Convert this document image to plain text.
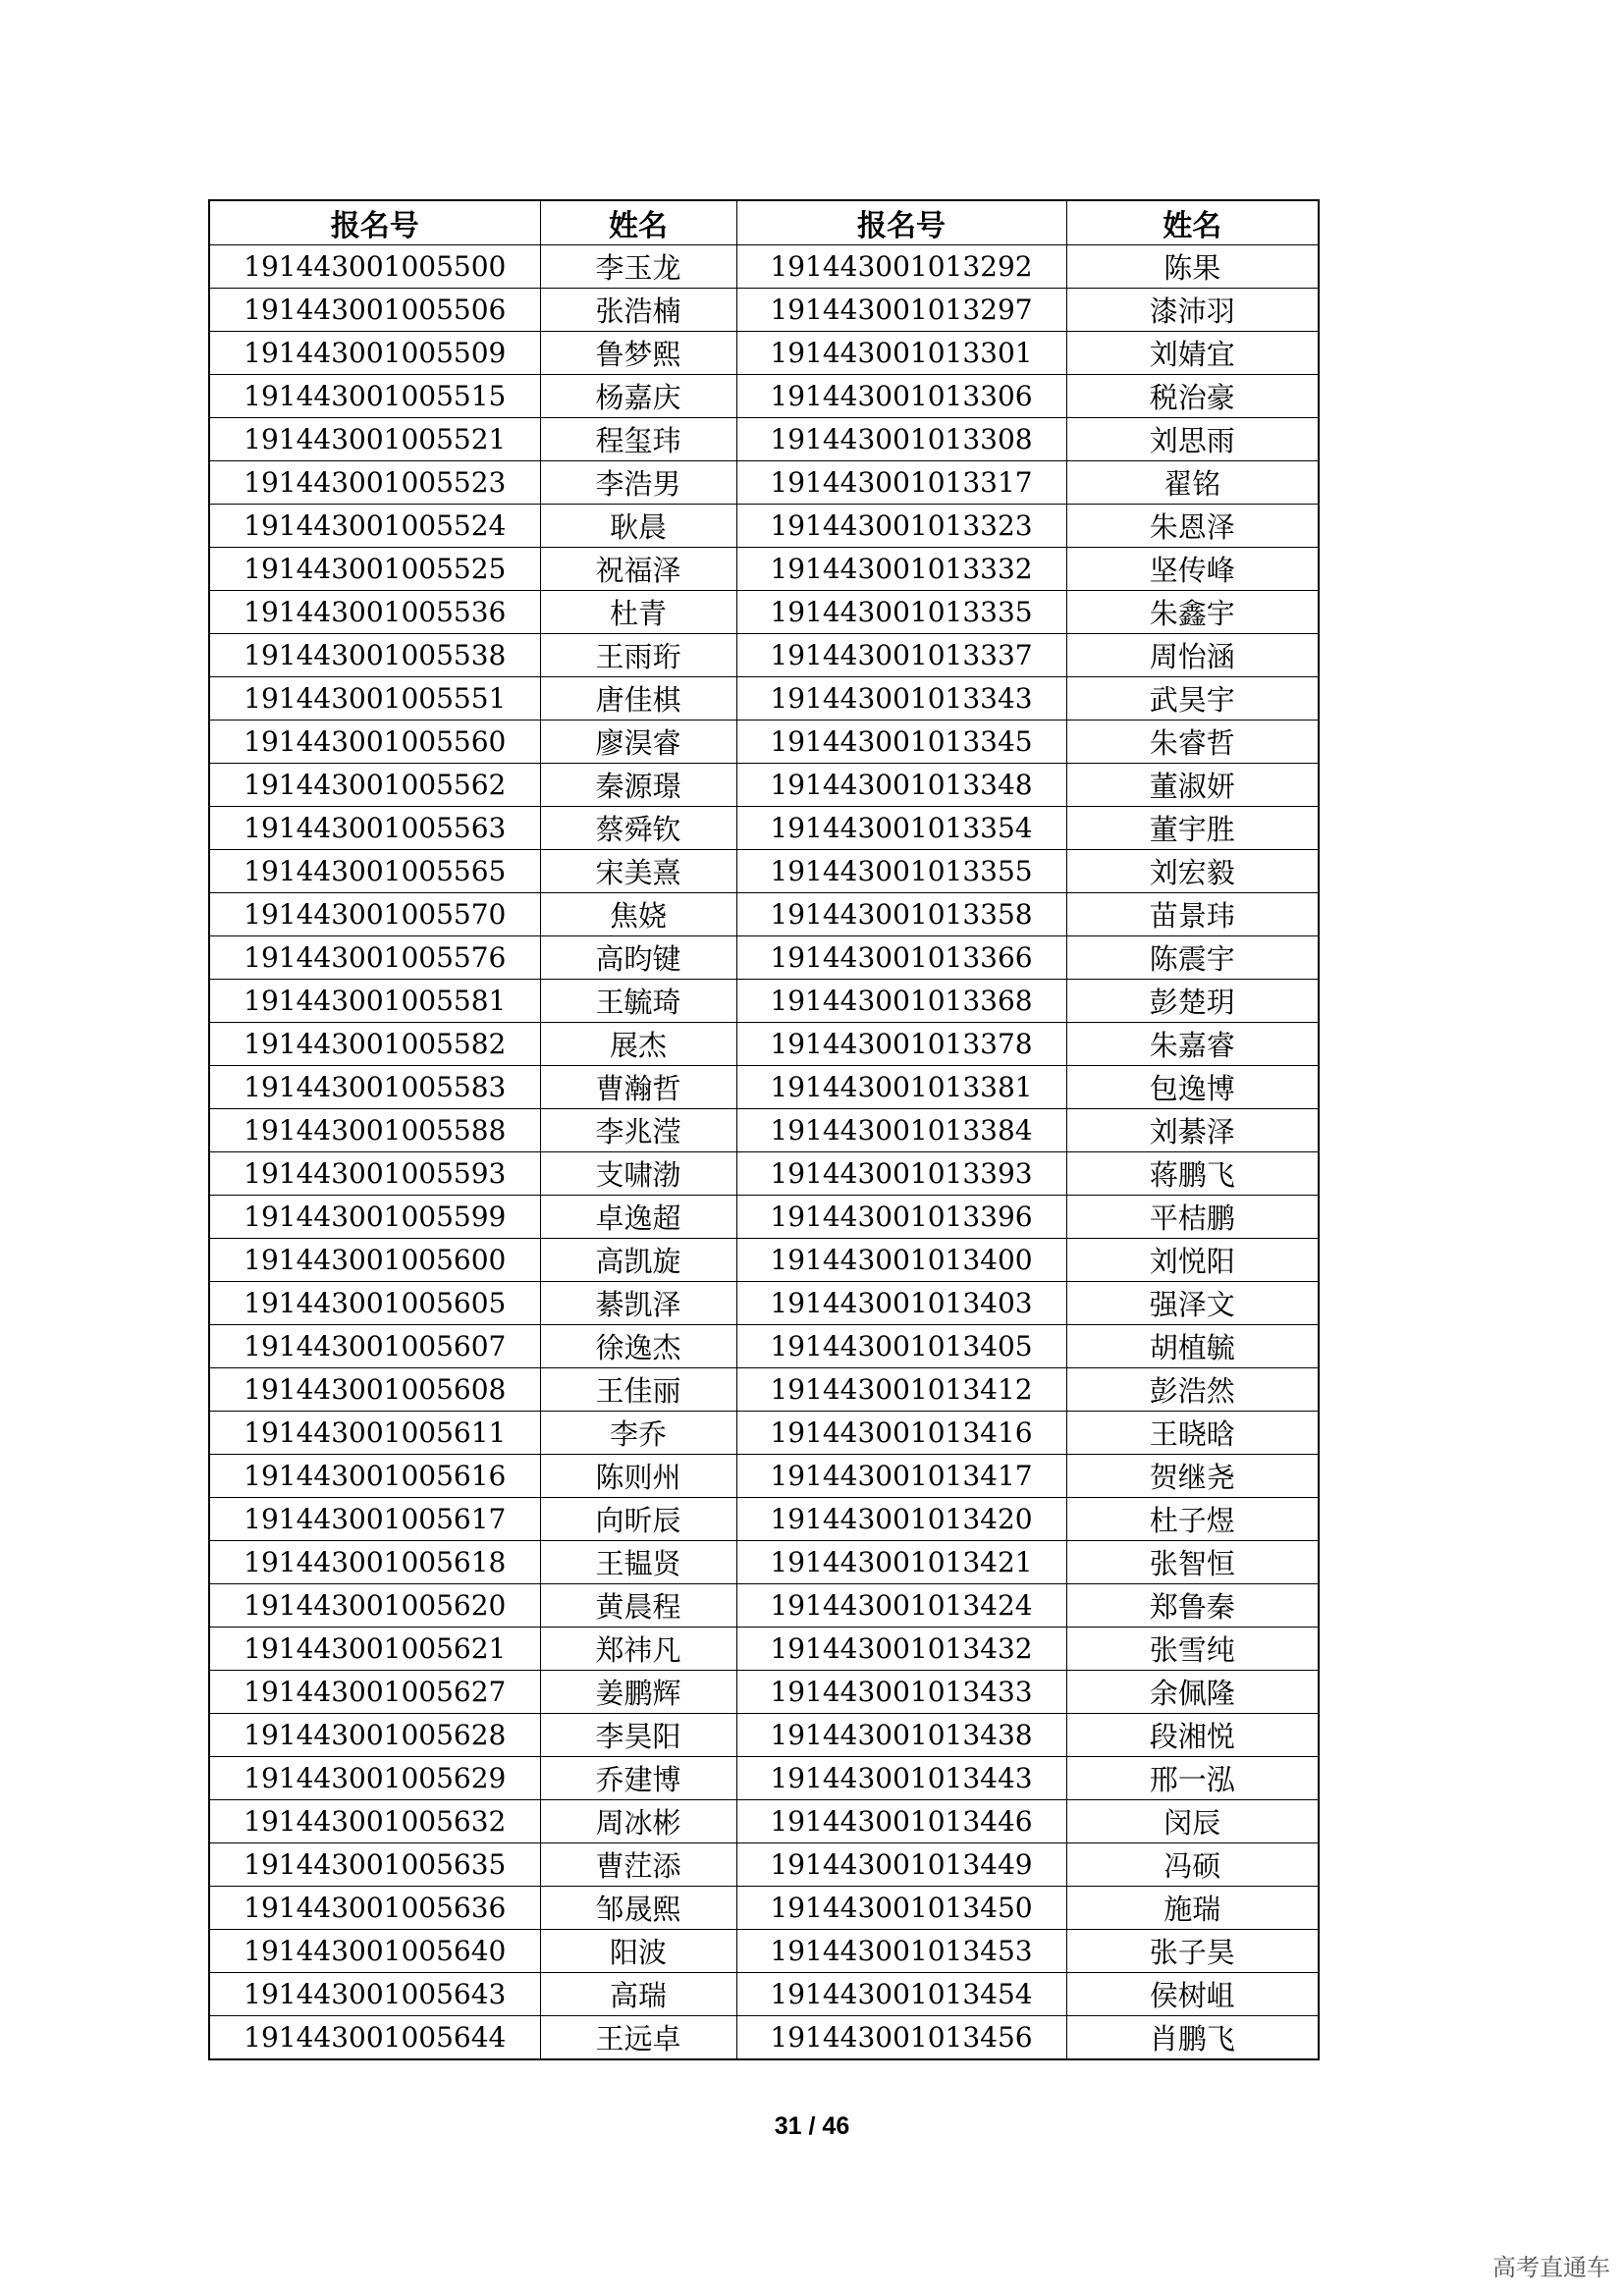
报名号	姓名	报名号	姓名
191443001005500	李玉龙	191443001013292	陈果
191443001005506	张浩楠	191443001013297	漆沛羽
191443001005509	鲁梦熙	191443001013301	刘婧宜
191443001005515	杨嘉庆	191443001013306	税治豪
191443001005521	程玺玮	191443001013308	刘思雨
191443001005523	李浩男	191443001013317	翟铭
191443001005524	耿晨	191443001013323	朱恩泽
191443001005525	祝福泽	191443001013332	坚传峰
191443001005536	杜青	191443001013335	朱鑫宇
191443001005538	王雨珩	191443001013337	周怡涵
191443001005551	唐佳棋	191443001013343	武昊宇
191443001005560	廖淏睿	191443001013345	朱睿哲
191443001005562	秦源璟	191443001013348	董淑妍
191443001005563	蔡舜钦	191443001013354	董宇胜
191443001005565	宋美熹	191443001013355	刘宏毅
191443001005570	焦娆	191443001013358	苗景玮
191443001005576	高昀键	191443001013366	陈震宇
191443001005581	王毓琦	191443001013368	彭楚玥
191443001005582	展杰	191443001013378	朱嘉睿
191443001005583	曹瀚哲	191443001013381	包逸博
191443001005588	李兆滢	191443001013384	刘綦泽
191443001005593	支啸渤	191443001013393	蒋鹏飞
191443001005599	卓逸超	191443001013396	平桔鹏
191443001005600	高凯旋	191443001013400	刘悦阳
191443001005605	綦凯泽	191443001013403	强泽文
191443001005607	徐逸杰	191443001013405	胡植毓
191443001005608	王佳丽	191443001013412	彭浩然
191443001005611	李乔	191443001013416	王晓晗
191443001005616	陈则州	191443001013417	贺继尧
191443001005617	向昕辰	191443001013420	杜子煜
191443001005618	王韫贤	191443001013421	张智恒
191443001005620	黄晨程	191443001013424	郑鲁秦
191443001005621	郑祎凡	191443001013432	张雪纯
191443001005627	姜鹏辉	191443001013433	余佩隆
191443001005628	李昊阳	191443001013438	段湘悦
191443001005629	乔建博	191443001013443	邢一泓
191443001005632	周冰彬	191443001013446	闵辰
191443001005635	曹茳添	191443001013449	冯硕
191443001005636	邹晟熙	191443001013450	施瑞
191443001005640	阳波	191443001013453	张子昊
191443001005643	高瑞	191443001013454	侯树岨
191443001005644	王远卓	191443001013456	肖鹏飞
31 / 46
高考直通车
